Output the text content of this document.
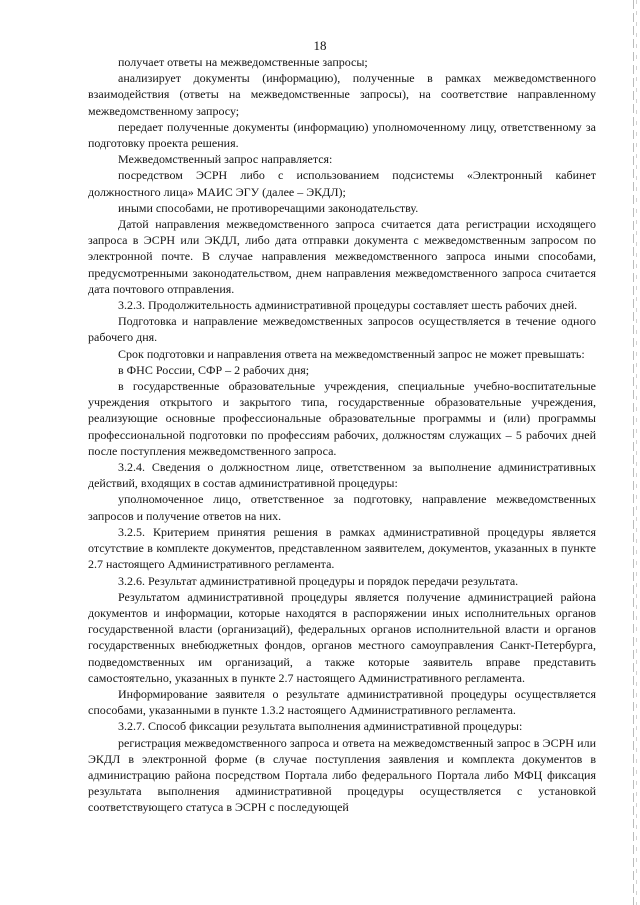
18

получает ответы на межведомственные запросы;

анализирует документы (информацию), полученные в рамках межведомственного взаимодействия (ответы на межведомственные запросы), на соответствие направленному межведомственному запросу;

передает полученные документы (информацию) уполномоченному лицу, ответственному за подготовку проекта решения.

Межведомственный запрос направляется:

посредством ЭСРН либо с использованием подсистемы «Электронный кабинет должностного лица» МАИС ЭГУ (далее – ЭКДЛ);

иными способами, не противоречащими законодательству.

Датой направления межведомственного запроса считается дата регистрации исходящего запроса в ЭСРН или ЭКДЛ, либо дата отправки документа с межведомственным запросом по электронной почте. В случае направления межведомственного запроса иными способами, предусмотренными законодательством, днем направления межведомственного запроса считается дата почтового отправления.

3.2.3. Продолжительность административной процедуры составляет шесть рабочих дней.

Подготовка и направление межведомственных запросов осуществляется в течение одного рабочего дня.

Срок подготовки и направления ответа на межведомственный запрос не может превышать:

в ФНС России, СФР – 2 рабочих дня;

в государственные образовательные учреждения, специальные учебно-воспитательные учреждения открытого и закрытого типа, государственные образовательные учреждения, реализующие основные профессиональные образовательные программы и (или) программы профессиональной подготовки по профессиям рабочих, должностям служащих – 5 рабочих дней после поступления межведомственного запроса.

3.2.4. Сведения о должностном лице, ответственном за выполнение административных действий, входящих в состав административной процедуры:

уполномоченное лицо, ответственное за подготовку, направление межведомственных запросов и получение ответов на них.

3.2.5. Критерием принятия решения в рамках административной процедуры является отсутствие в комплекте документов, представленном заявителем, документов, указанных в пункте 2.7 настоящего Административного регламента.

3.2.6. Результат административной процедуры и порядок передачи результата.

Результатом административной процедуры является получение администрацией района документов и информации, которые находятся в распоряжении иных исполнительных органов государственной власти (организаций), федеральных органов исполнительной власти и органов государственных внебюджетных фондов, органов местного самоуправления Санкт-Петербурга, подведомственных им организаций, а также которые заявитель вправе представить самостоятельно, указанных в пункте 2.7 настоящего Административного регламента.

Информирование заявителя о результате административной процедуры осуществляется способами, указанными в пункте 1.3.2 настоящего Административного регламента.

3.2.7. Способ фиксации результата выполнения административной процедуры:

регистрация межведомственного запроса и ответа на межведомственный запрос в ЭСРН или ЭКДЛ в электронной форме (в случае поступления заявления и комплекта документов в администрацию района посредством Портала либо федерального Портала либо МФЦ фиксация результата выполнения административной процедуры осуществляется с установкой соответствующего статуса в ЭСРН с последующей
